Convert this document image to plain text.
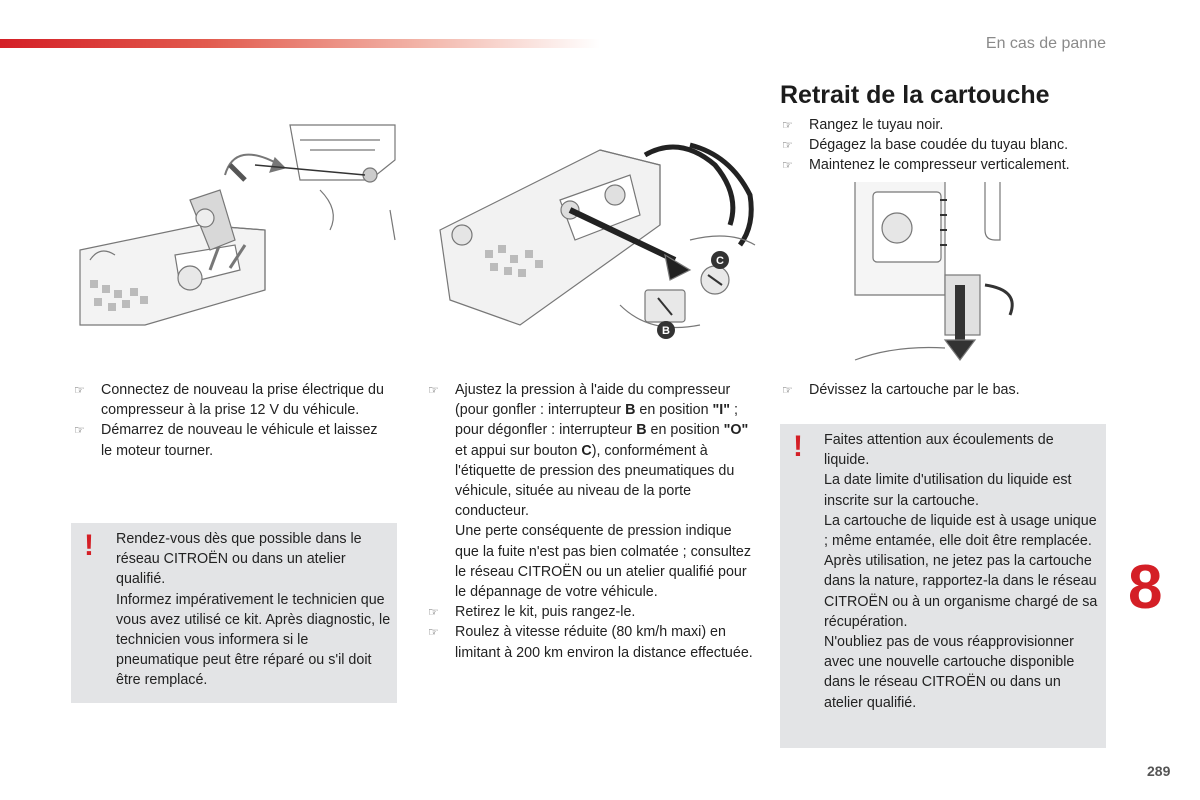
En cas de panne
C
B
Retrait de la cartouche
☞ Rangez le tuyau noir.
☞ Dégagez la base coudée du tuyau blanc.
☞ Maintenez le compresseur verticalement.
☞ Connectez de nouveau la prise électrique du compresseur à la prise 12 V du véhicule.
☞ Démarrez de nouveau le véhicule et laissez le moteur tourner.
☞ Ajustez la pression à l'aide du compresseur (pour gonfler : interrupteur B en position "I" ; pour dégonfler : interrupteur B en position "O" et appui sur bouton C), conformément à l'étiquette de pression des pneumatiques du véhicule, située au niveau de la porte conducteur.
Une perte conséquente de pression indique que la fuite n'est pas bien colmatée ; consultez le réseau CITROËN ou un atelier qualifié pour le dépannage de votre véhicule.
☞ Retirez le kit, puis rangez-le.
☞ Roulez à vitesse réduite (80 km/h maxi) en limitant à 200 km environ la distance effectuée.
☞ Dévissez la cartouche par le bas.
! Rendez-vous dès que possible dans le réseau CITROËN ou dans un atelier qualifié.
Informez impérativement le technicien que vous avez utilisé ce kit. Après diagnostic, le technicien vous informera si le pneumatique peut être réparé ou s'il doit être remplacé.
! Faites attention aux écoulements de liquide.
La date limite d'utilisation du liquide est inscrite sur la cartouche.
La cartouche de liquide est à usage unique ; même entamée, elle doit être remplacée.
Après utilisation, ne jetez pas la cartouche dans la nature, rapportez-la dans le réseau CITROËN ou à un organisme chargé de sa récupération.
N'oubliez pas de vous réapprovisionner avec une nouvelle cartouche disponible dans le réseau CITROËN ou dans un atelier qualifié.
8
289
